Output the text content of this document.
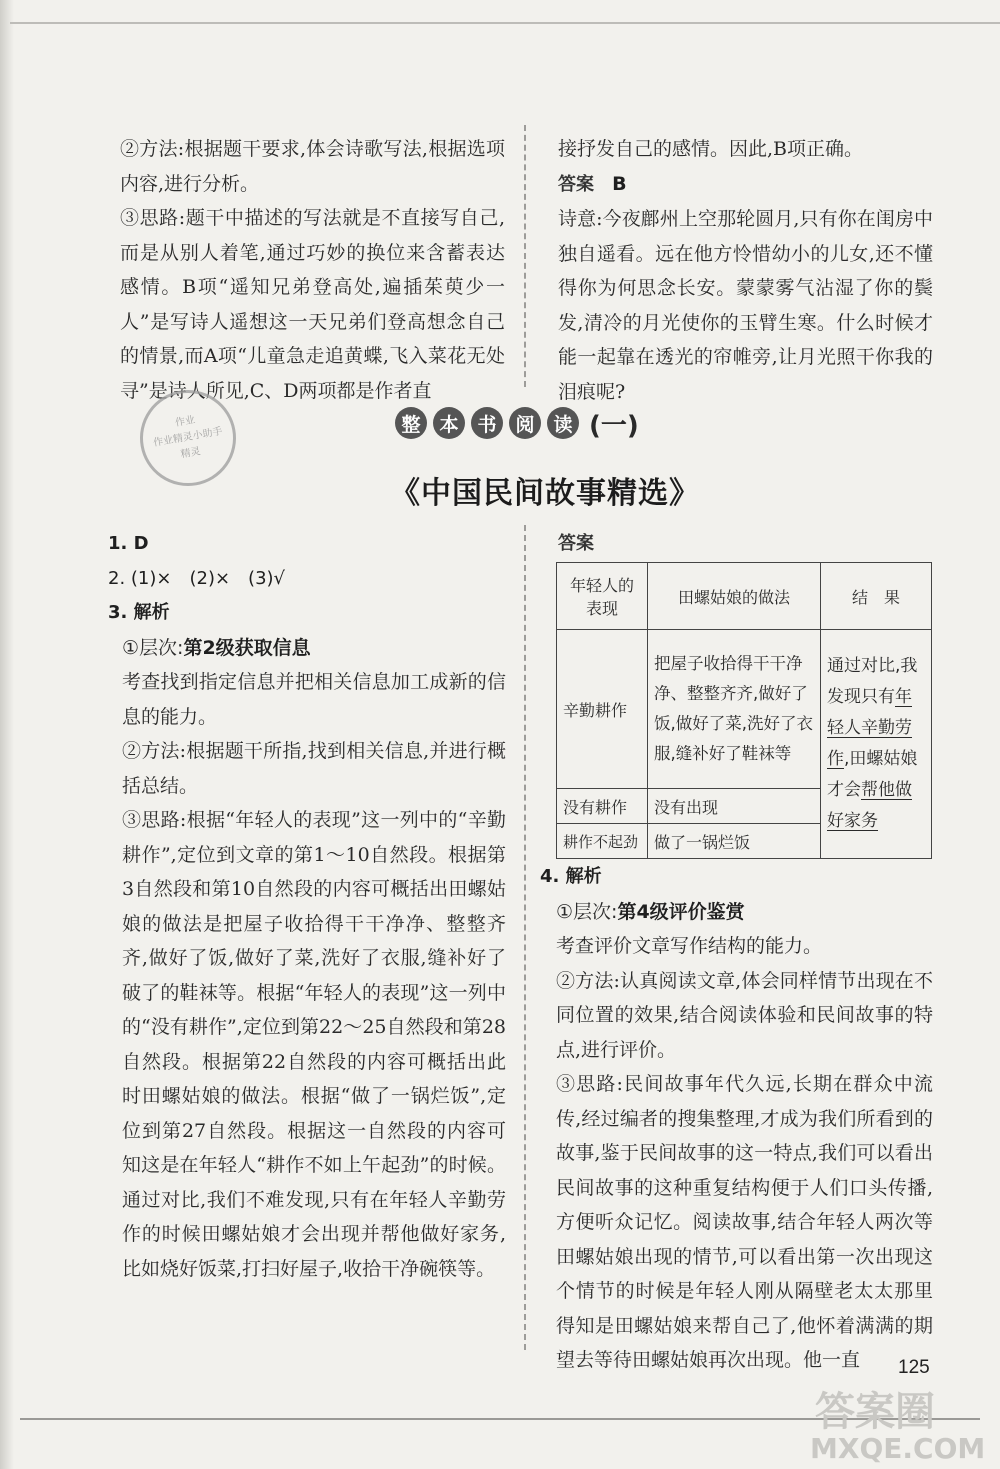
②方法:根据题干要求,体会诗歌写法,根据选项内容,进行分析。

③思路:题干中描述的写法就是不直接写自己,而是从别人着笔,通过巧妙的换位来含蓄表达感情。B项“遥知兄弟登高处,遍插茱萸少一人”是写诗人遥想这一天兄弟们登高想念自己的情景,而A项“儿童急走追黄蝶,飞入菜花无处寻”是诗人所见,C、D两项都是作者直

接抒发自己的感情。因此,B项正确。

答案 B

诗意:今夜鄜州上空那轮圆月,只有你在闺房中独自遥看。远在他方怜惜幼小的儿女,还不懂得你为何思念长安。蒙蒙雾气沾湿了你的鬓发,清冷的月光使你的玉臂生寒。什么时候才能一起靠在透光的帘帷旁,让月光照干你我的泪痕呢?

作业
作业精灵小助手
精灵
整 本 书 阅 读 (一)
《中国民间故事精选》

1. D

2. (1)×　(2)×　(3)√

3. 解析

①层次:第2级获取信息

考查找到指定信息并把相关信息加工成新的信息的能力。

②方法:根据题干所指,找到相关信息,并进行概括总结。

③思路:根据“年轻人的表现”这一列中的“辛勤耕作”,定位到文章的第1～10自然段。根据第3自然段和第10自然段的内容可概括出田螺姑娘的做法是把屋子收拾得干干净净、整整齐齐,做好了饭,做好了菜,洗好了衣服,缝补好了破了的鞋袜等。根据“年轻人的表现”这一列中的“没有耕作”,定位到第22～25自然段和第28自然段。根据第22自然段的内容可概括出此时田螺姑娘的做法。根据“做了一锅烂饭”,定位到第27自然段。根据这一自然段的内容可知这是在年轻人“耕作不如上午起劲”的时候。通过对比,我们不难发现,只有在年轻人辛勤劳作的时候田螺姑娘才会出现并帮他做好家务,比如烧好饭菜,打扫好屋子,收拾干净碗筷等。

答案

年轻人的表现	田螺姑娘的做法	结　果
辛勤耕作	把屋子收拾得干干净净、整整齐齐,做好了饭,做好了菜,洗好了衣服,缝补好了鞋袜等	通过对比,我发现只有年轻人辛勤劳作,田螺姑娘才会帮他做好家务
没有耕作	没有出现	
耕作不起劲	做了一锅烂饭	

4. 解析

①层次:第4级评价鉴赏

考查评价文章写作结构的能力。

②方法:认真阅读文章,体会同样情节出现在不同位置的效果,结合阅读体验和民间故事的特点,进行评价。

③思路:民间故事年代久远,长期在群众中流传,经过编者的搜集整理,才成为我们所看到的故事,鉴于民间故事的这一特点,我们可以看出民间故事的这种重复结构便于人们口头传播,方便听众记忆。阅读故事,结合年轻人两次等田螺姑娘出现的情节,可以看出第一次出现这个情节的时候是年轻人刚从隔壁老太太那里得知是田螺姑娘来帮自己了,他怀着满满的期望去等待田螺姑娘再次出现。他一直	125
答案圈
MXQE.COM
